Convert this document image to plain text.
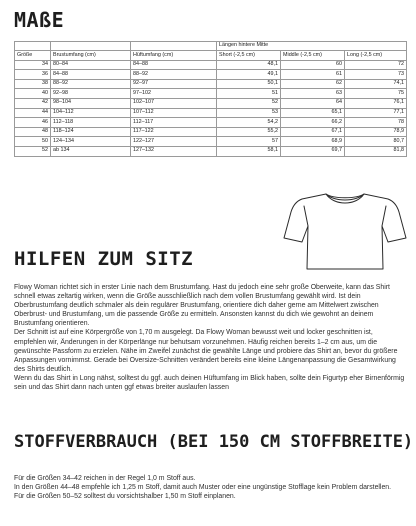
MAßE
			Längen hintere Mitte		
Größe	Brustumfang (cm)	Hüftumfang (cm)	Short (-2,5 cm)	Middle (-2,5 cm)	Long (-2,5 cm)
34	80–84	84–88	48,1	60	72
36	84–88	88–92	49,1	61	73
38	88–92	92–97	50,1	62	74,1
40	92–98	97–102	51	63	75
42	98–104	102–107	52	64	76,1
44	104–112	107–112	53	65,1	77,1
46	112–118	112–117	54,2	66,2	78
48	118–124	117–122	55,2	67,1	78,9
50	124–134	122–127	57	68,9	80,7
52	ab 134	127–132	58,1	69,7	81,8
HILFEN ZUM SITZ

Flowy Woman richtet sich in erster Linie nach dem Brustumfang. Hast du jedoch eine sehr große Oberweite, kann das Shirt schnell etwas zeltartig wirken, wenn die Größe ausschließlich nach dem vollen Brustumfang gewählt wird. Ist dein Oberbrustumfang deutlich schmaler als dein regulärer Brustumfang, orientiere dich daher gerne am Mittelwert zwischen Oberbrust- und Brustumfang, um die passende Größe zu ermitteln. Ansonsten kannst du dich wie gewohnt an deinem Brustumfang orientieren.

Der Schnitt ist auf eine Körpergröße von 1,70 m ausgelegt. Da Flowy Woman bewusst weit und locker geschnitten ist, empfehlen wir, Änderungen in der Körperlänge nur behutsam vorzunehmen. Häufig reichen bereits 1–2 cm aus, um die gewünschte Passform zu erzielen. Nähe im Zweifel zunächst die gewählte Länge und probiere das Shirt an, bevor du größere Anpassungen vornimmst. Gerade bei Oversize-Schnitten verändert bereits eine kleine Längenanpassung die Gesamtwirkung des Shirts deutlich.

Wenn du das Shirt in Long nähst, solltest du ggf. auch deinen Hüftumfang im Blick haben, sollte dein Figurtyp eher Birnenförmig sein und das Shirt dann nach unten ggf etwas breiter auslaufen lassen

STOFFVERBRAUCH (BEI 150 CM STOFFBREITE)

Für die Größen 34–42 reichen in der Regel 1,0 m Stoff aus.

In den Größen 44–48 empfehle ich 1,25 m Stoff, damit auch Muster oder eine ungünstige Stofflage kein Problem darstellen.

Für die Größen 50–52 solltest du vorsichtshalber 1,50 m Stoff einplanen.
